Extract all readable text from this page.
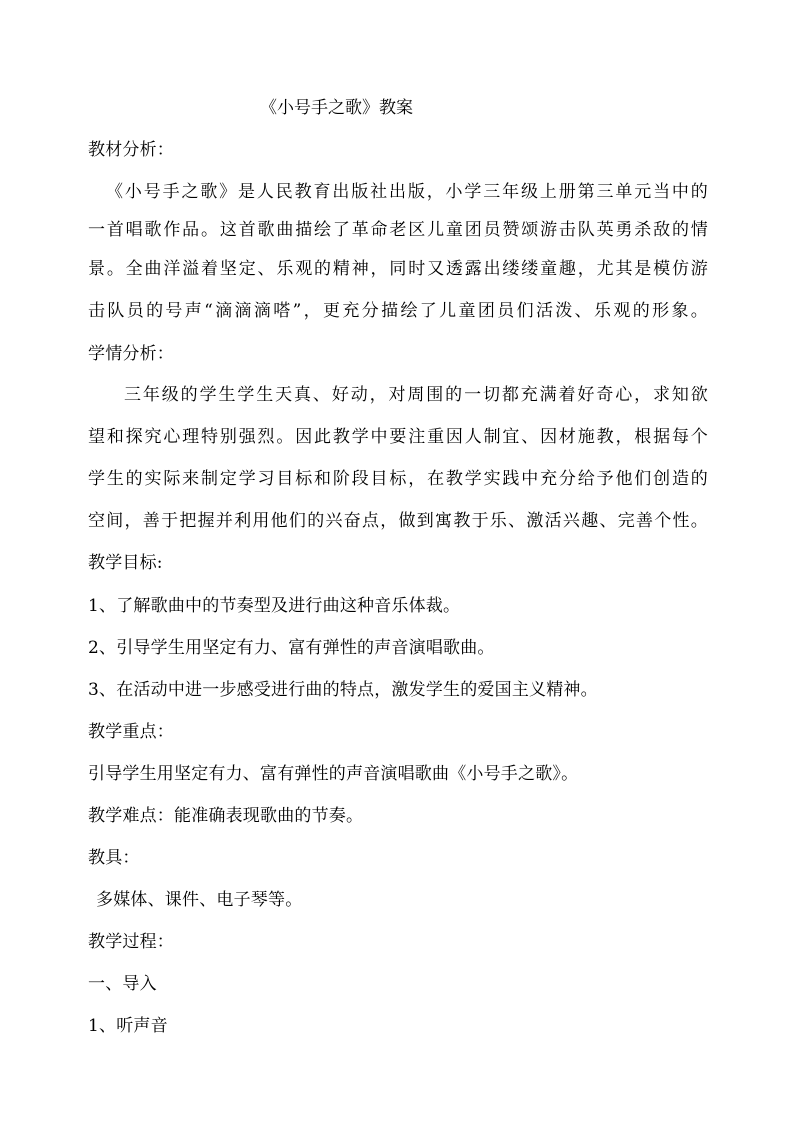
《小号手之歌》教案
教材分析：
《小号手之歌》是人民教育出版社出版，小学三年级上册第三单元当中的
一首唱歌作品。这首歌曲描绘了革命老区儿童团员赞颂游击队英勇杀敌的情
景。全曲洋溢着坚定、乐观的精神，同时又透露出缕缕童趣，尤其是模仿游
击队员的号声“滴滴滴嗒”，更充分描绘了儿童团员们活泼、乐观的形象。
学情分析：
三年级的学生学生天真、好动，对周围的一切都充满着好奇心，求知欲
望和探究心理特别强烈。因此教学中要注重因人制宜、因材施教，根据每个
学生的实际来制定学习目标和阶段目标，在教学实践中充分给予他们创造的
空间，善于把握并利用他们的兴奋点，做到寓教于乐、激活兴趣、完善个性。
教学目标:
1、了解歌曲中的节奏型及进行曲这种音乐体裁。
2、引导学生用坚定有力、富有弹性的声音演唱歌曲。
3、在活动中进一步感受进行曲的特点，激发学生的爱国主义精神。
教学重点：
引导学生用坚定有力、富有弹性的声音演唱歌曲《小号手之歌》。
教学难点：能准确表现歌曲的节奏。
教具：
多媒体、课件、电子琴等。
教学过程：
一、导入
1、听声音
